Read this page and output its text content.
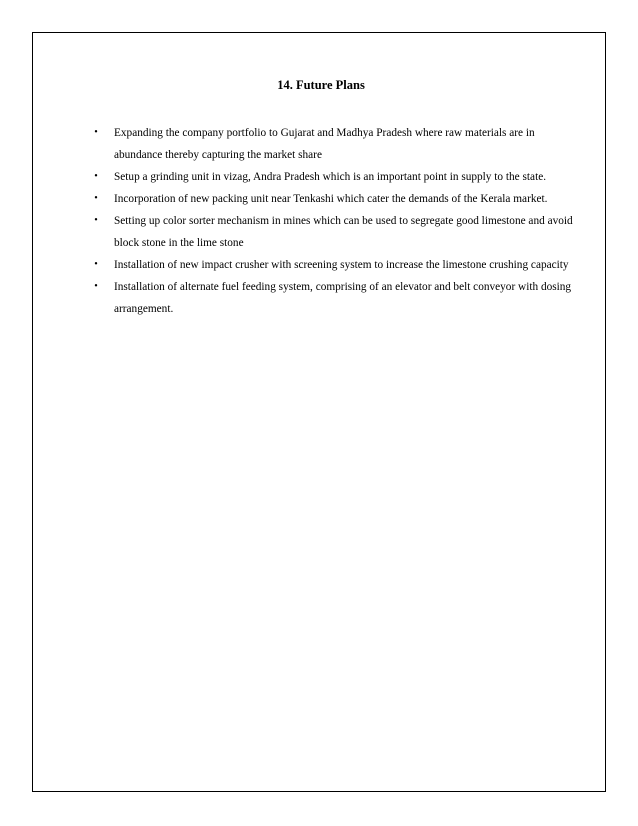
14. Future Plans
• Expanding the company portfolio to Gujarat and Madhya Pradesh where raw materials are in abundance thereby capturing the market share
• Setup a grinding unit in vizag, Andra Pradesh which is an important point in supply to the state.
• Incorporation of new packing unit near Tenkashi which cater the demands of the Kerala market.
• Setting up color sorter mechanism in mines which can be used to segregate good limestone and avoid block stone in the lime stone
• Installation of new impact crusher with screening system to increase the limestone crushing capacity
• Installation of alternate fuel feeding system, comprising of an elevator and belt conveyor with dosing arrangement.
